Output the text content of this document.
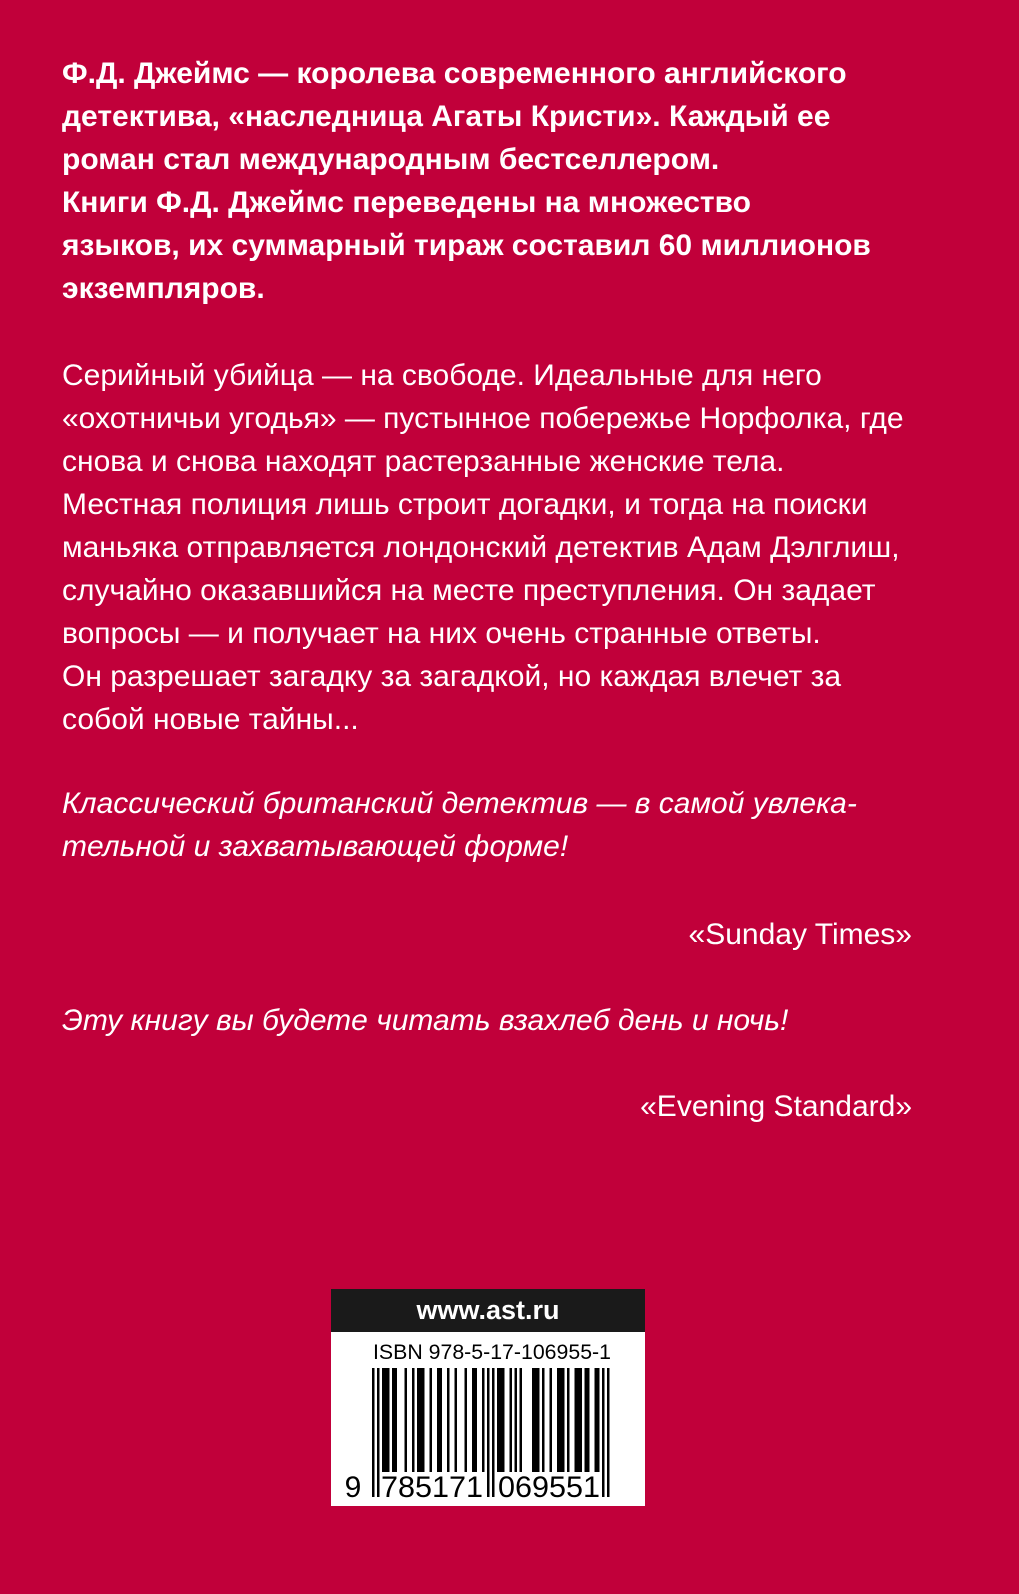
Ф.Д. Джеймс — королева современного английского
детектива, «наследница Агаты Кристи». Каждый ее
роман стал международным бестселлером.
Книги Ф.Д. Джеймс переведены на множество
языков, их суммарный тираж составил 60 миллионов
экземпляров.
Серийный убийца — на свободе. Идеальные для него
«охотничьи угодья» — пустынное побережье Норфолка, где
снова и снова находят растерзанные женские тела.
Местная полиция лишь строит догадки, и тогда на поиски
маньяка отправляется лондонский детектив Адам Дэлглиш,
случайно оказавшийся на месте преступления. Он задает
вопросы — и получает на них очень странные ответы.
Он разрешает загадку за загадкой, но каждая влечет за
собой новые тайны...
Классический британский детектив — в самой увлека-
тельной и захватывающей форме!
«Sunday Times»
Эту книгу вы будете читать взахлеб день и ночь!
«Evening Standard»
www.ast.ru
ISBN 978-5-17-106955-1
9 785171 069551
